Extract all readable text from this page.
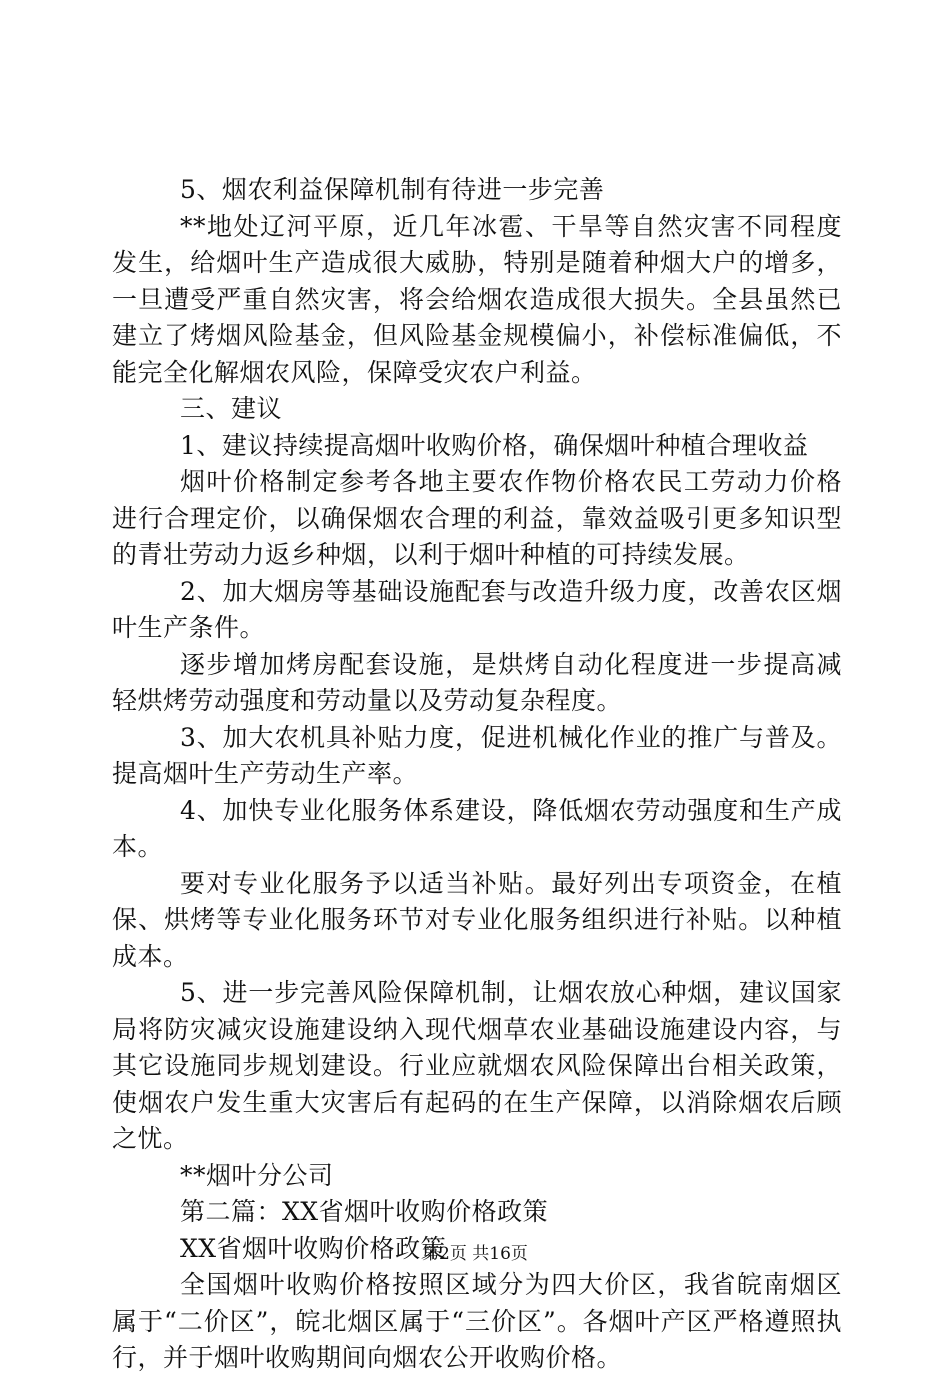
5、烟农利益保障机制有待进一步完善

**地处辽河平原，近几年冰雹、干旱等自然灾害不同程度发生，给烟叶生产造成很大威胁，特别是随着种烟大户的增多，一旦遭受严重自然灾害，将会给烟农造成很大损失。全县虽然已建立了烤烟风险基金，但风险基金规模偏小，补偿标准偏低，不能完全化解烟农风险，保障受灾农户利益。

三、建议

1、建议持续提高烟叶收购价格，确保烟叶种植合理收益

烟叶价格制定参考各地主要农作物价格农民工劳动力价格进行合理定价，以确保烟农合理的利益，靠效益吸引更多知识型的青壮劳动力返乡种烟，以利于烟叶种植的可持续发展。

2、加大烟房等基础设施配套与改造升级力度，改善农区烟叶生产条件。

逐步增加烤房配套设施，是烘烤自动化程度进一步提高减轻烘烤劳动强度和劳动量以及劳动复杂程度。

3、加大农机具补贴力度，促进机械化作业的推广与普及。提高烟叶生产劳动生产率。

4、加快专业化服务体系建设，降低烟农劳动强度和生产成本。

要对专业化服务予以适当补贴。最好列出专项资金，在植保、烘烤等专业化服务环节对专业化服务组织进行补贴。以种植成本。

5、进一步完善风险保障机制，让烟农放心种烟，建议国家局将防灾减灾设施建设纳入现代烟草农业基础设施建设内容，与其它设施同步规划建设。行业应就烟农风险保障出台相关政策，使烟农户发生重大灾害后有起码的在生产保障，以消除烟农后顾之忧。

**烟叶分公司

第二篇：XX省烟叶收购价格政策

XX省烟叶收购价格政策

全国烟叶收购价格按照区域分为四大价区，我省皖南烟区属于“二价区”，皖北烟区属于“三价区”。各烟叶产区严格遵照执行，并于烟叶收购期间向烟农公开收购价格。

第2页 共16页
